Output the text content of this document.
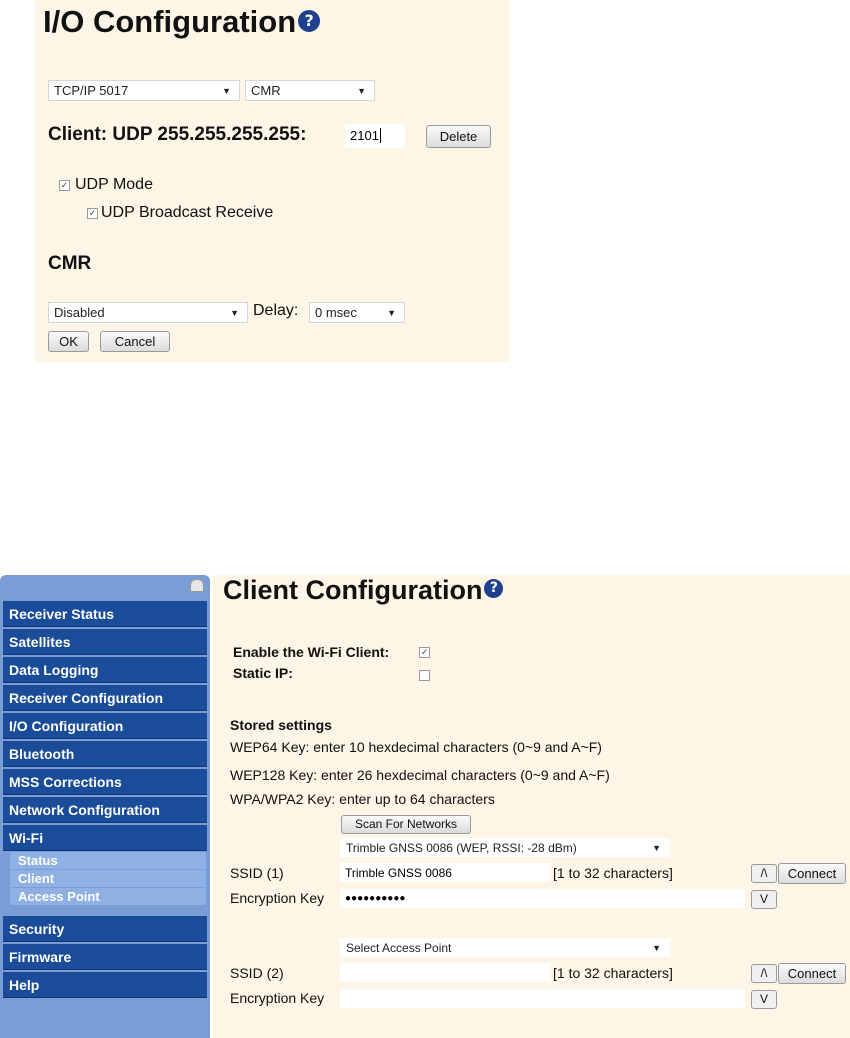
I/O Configuration ?
TCP/IP 5017	▼	CMR	▼
Client: UDP 255.255.255.255:	2101	Delete
✓ UDP Mode
✓ UDP Broadcast Receive
CMR
Disabled	▼ Delay:	0 msec	▼
OK	Cancel
Receiver Status
Satellites
Data Logging
Receiver Configuration
I/O Configuration
Bluetooth
MSS Corrections
Network Configuration
Wi-Fi
Status
Client
Access Point
Security
Firmware
Help
Client Configuration ?
Enable the Wi-Fi Client:	✓
Static IP:
Stored settings
WEP64 Key: enter 10 hexdecimal characters (0~9 and A~F)
WEP128 Key: enter 26 hexdecimal characters (0~9 and A~F)
WPA/WPA2 Key: enter up to 64 characters
Scan For Networks
Trimble GNSS 0086 (WEP, RSSI: -28 dBm)	▼
SSID (1)	Trimble GNSS 0086	[1 to 32 characters]	/\	Connect
Encryption Key	●●●●●●●●●●	V
Select Access Point	▼
SSID (2)	[1 to 32 characters]	/\	Connect
Encryption Key	V
